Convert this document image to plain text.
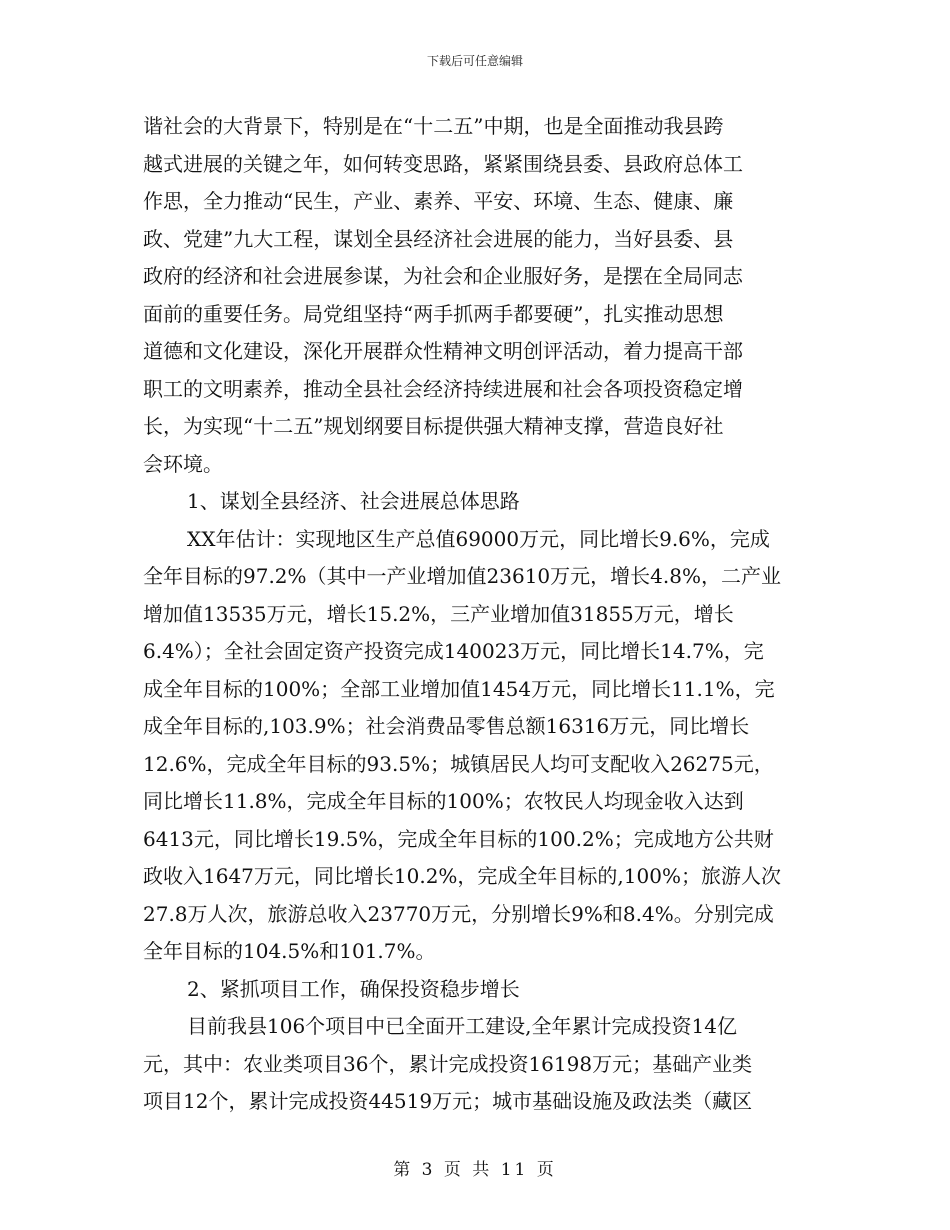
下载后可任意编辑
谐社会的大背景下，特别是在“十二五”中期，也是全面推动我县跨
越式进展的关键之年，如何转变思路，紧紧围绕县委、县政府总体工
作思，全力推动“民生，产业、素养、平安、环境、生态、健康、廉
政、党建”九大工程，谋划全县经济社会进展的能力，当好县委、县
政府的经济和社会进展参谋，为社会和企业服好务，是摆在全局同志
面前的重要任务。局党组坚持“两手抓两手都要硬”，扎实推动思想
道德和文化建设，深化开展群众性精神文明创评活动，着力提高干部
职工的文明素养，推动全县社会经济持续进展和社会各项投资稳定增
长，为实现“十二五”规划纲要目标提供强大精神支撑，营造良好社
会环境。
1、谋划全县经济、社会进展总体思路
XX年估计：实现地区生产总值69000万元，同比增长9.6%，完成
全年目标的97.2%（其中一产业增加值23610万元，增长4.8%，二产业
增加值13535万元，增长15.2%，三产业增加值31855万元，增长
6.4%）；全社会固定资产投资完成140023万元，同比增长14.7%，完
成全年目标的100%；全部工业增加值1454万元，同比增长11.1%，完
成全年目标的,103.9%；社会消费品零售总额16316万元，同比增长
12.6%，完成全年目标的93.5%；城镇居民人均可支配收入26275元，
同比增长11.8%，完成全年目标的100%；农牧民人均现金收入达到
6413元，同比增长19.5%，完成全年目标的100.2%；完成地方公共财
政收入1647万元，同比增长10.2%，完成全年目标的,100%；旅游人次
27.8万人次，旅游总收入23770万元，分别增长9%和8.4%。分别完成
全年目标的104.5%和101.7%。
2、紧抓项目工作，确保投资稳步增长
目前我县106个项目中已全面开工建设,全年累计完成投资14亿
元，其中：农业类项目36个，累计完成投资16198万元；基础产业类
项目12个，累计完成投资44519万元；城市基础设施及政法类（藏区
第 3 页 共 11 页
